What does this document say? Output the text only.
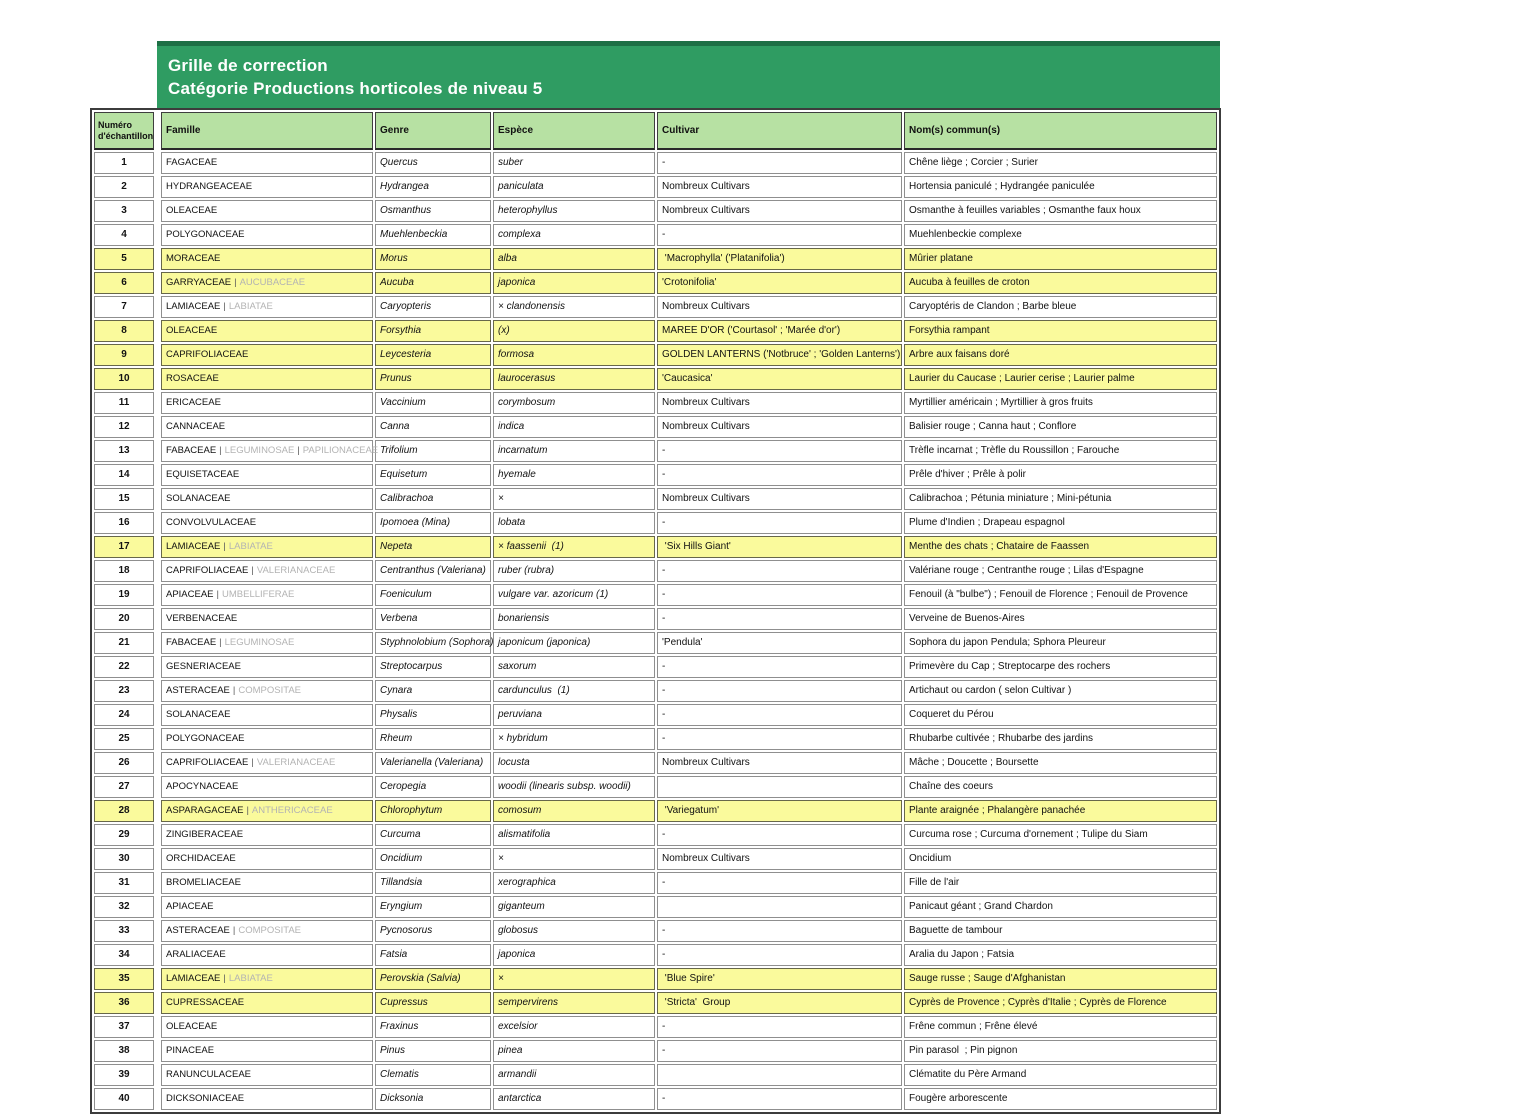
Grille de correction
Catégorie Productions horticoles de niveau 5
Numéro d'échantillon		Famille	Genre	Espèce	Cultivar	Nom(s) commun(s)
1		FAGACEAE	Quercus	suber	-	Chêne liège ; Corcier ; Surier
2		HYDRANGEACEAE	Hydrangea	paniculata	Nombreux Cultivars	Hortensia paniculé ; Hydrangée paniculée
3		OLEACEAE	Osmanthus	heterophyllus	Nombreux Cultivars	Osmanthe à feuilles variables ; Osmanthe faux houx
4		POLYGONACEAE	Muehlenbeckia	complexa	-	Muehlenbeckie complexe
5		MORACEAE	Morus	alba	'Macrophylla' ('Platanifolia')	Mûrier platane
6		GARRYACEAE | AUCUBACEAE	Aucuba	japonica	'Crotonifolia'	Aucuba à feuilles de croton
7		LAMIACEAE | LABIATAE	Caryopteris	× clandonensis	Nombreux Cultivars	Caryoptéris de Clandon ; Barbe bleue
8		OLEACEAE	Forsythia	(x)	MAREE D'OR ('Courtasol' ; 'Marée d'or')	Forsythia rampant
9		CAPRIFOLIACEAE	Leycesteria	formosa	GOLDEN LANTERNS ('Notbruce' ; 'Golden Lanterns')	Arbre aux faisans doré
10		ROSACEAE	Prunus	laurocerasus	'Caucasica'	Laurier du Caucase ; Laurier cerise ; Laurier palme
11		ERICACEAE	Vaccinium	corymbosum	Nombreux Cultivars	Myrtillier américain ; Myrtillier à gros fruits
12		CANNACEAE	Canna	indica	Nombreux Cultivars	Balisier rouge ; Canna haut ; Conflore
13		FABACEAE | LEGUMINOSAE | PAPILIONACEAE	Trifolium	incarnatum	-	Trèfle incarnat ; Trèfle du Roussillon ; Farouche
14		EQUISETACEAE	Equisetum	hyemale	-	Prêle d'hiver ; Prêle à polir
15		SOLANACEAE	Calibrachoa	×	Nombreux Cultivars	Calibrachoa ; Pétunia miniature ; Mini-pétunia
16		CONVOLVULACEAE	Ipomoea (Mina)	lobata	-	Plume d'Indien ; Drapeau espagnol
17		LAMIACEAE | LABIATAE	Nepeta	× faassenii  (1)	'Six Hills Giant'	Menthe des chats ; Chataire de Faassen
18		CAPRIFOLIACEAE | VALERIANACEAE	Centranthus (Valeriana)	ruber (rubra)	-	Valériane rouge ; Centranthe rouge ; Lilas d'Espagne
19		APIACEAE | UMBELLIFERAE	Foeniculum	vulgare var. azoricum (1)	-	Fenouil (à "bulbe") ; Fenouil de Florence ; Fenouil de Provence
20		VERBENACEAE	Verbena	bonariensis	-	Verveine de Buenos-Aires
21		FABACEAE | LEGUMINOSAE	Styphnolobium (Sophora)	japonicum (japonica)	'Pendula'	Sophora du japon Pendula; Sphora Pleureur
22		GESNERIACEAE	Streptocarpus	saxorum	-	Primevère du Cap ; Streptocarpe des rochers
23		ASTERACEAE | COMPOSITAE	Cynara	cardunculus  (1)	-	Artichaut ou cardon ( selon Cultivar )
24		SOLANACEAE	Physalis	peruviana	-	Coqueret du Pérou
25		POLYGONACEAE	Rheum	× hybridum	-	Rhubarbe cultivée ; Rhubarbe des jardins
26		CAPRIFOLIACEAE | VALERIANACEAE	Valerianella (Valeriana)	locusta	Nombreux Cultivars	Mâche ; Doucette ; Boursette
27		APOCYNACEAE	Ceropegia	woodii (linearis subsp. woodii)		Chaîne des coeurs
28		ASPARAGACEAE | ANTHERICACEAE	Chlorophytum	comosum	'Variegatum'	Plante araignée ; Phalangère panachée
29		ZINGIBERACEAE	Curcuma	alismatifolia	-	Curcuma rose ; Curcuma d'ornement ; Tulipe du Siam
30		ORCHIDACEAE	Oncidium	×	Nombreux Cultivars	Oncidium
31		BROMELIACEAE	Tillandsia	xerographica	-	Fille de l'air
32		APIACEAE	Eryngium	giganteum		Panicaut géant ; Grand Chardon
33		ASTERACEAE | COMPOSITAE	Pycnosorus	globosus	-	Baguette de tambour
34		ARALIACEAE	Fatsia	japonica	-	Aralia du Japon ; Fatsia
35		LAMIACEAE | LABIATAE	Perovskia (Salvia)	×	'Blue Spire'	Sauge russe ; Sauge d'Afghanistan
36		CUPRESSACEAE	Cupressus	sempervirens	'Stricta'  Group	Cyprès de Provence ; Cyprès d'Italie ; Cyprès de Florence
37		OLEACEAE	Fraxinus	excelsior	-	Frêne commun ; Frêne élevé
38		PINACEAE	Pinus	pinea	-	Pin parasol  ; Pin pignon
39		RANUNCULACEAE	Clematis	armandii		Clématite du Père Armand
40		DICKSONIACEAE	Dicksonia	antarctica	-	Fougère arborescente
